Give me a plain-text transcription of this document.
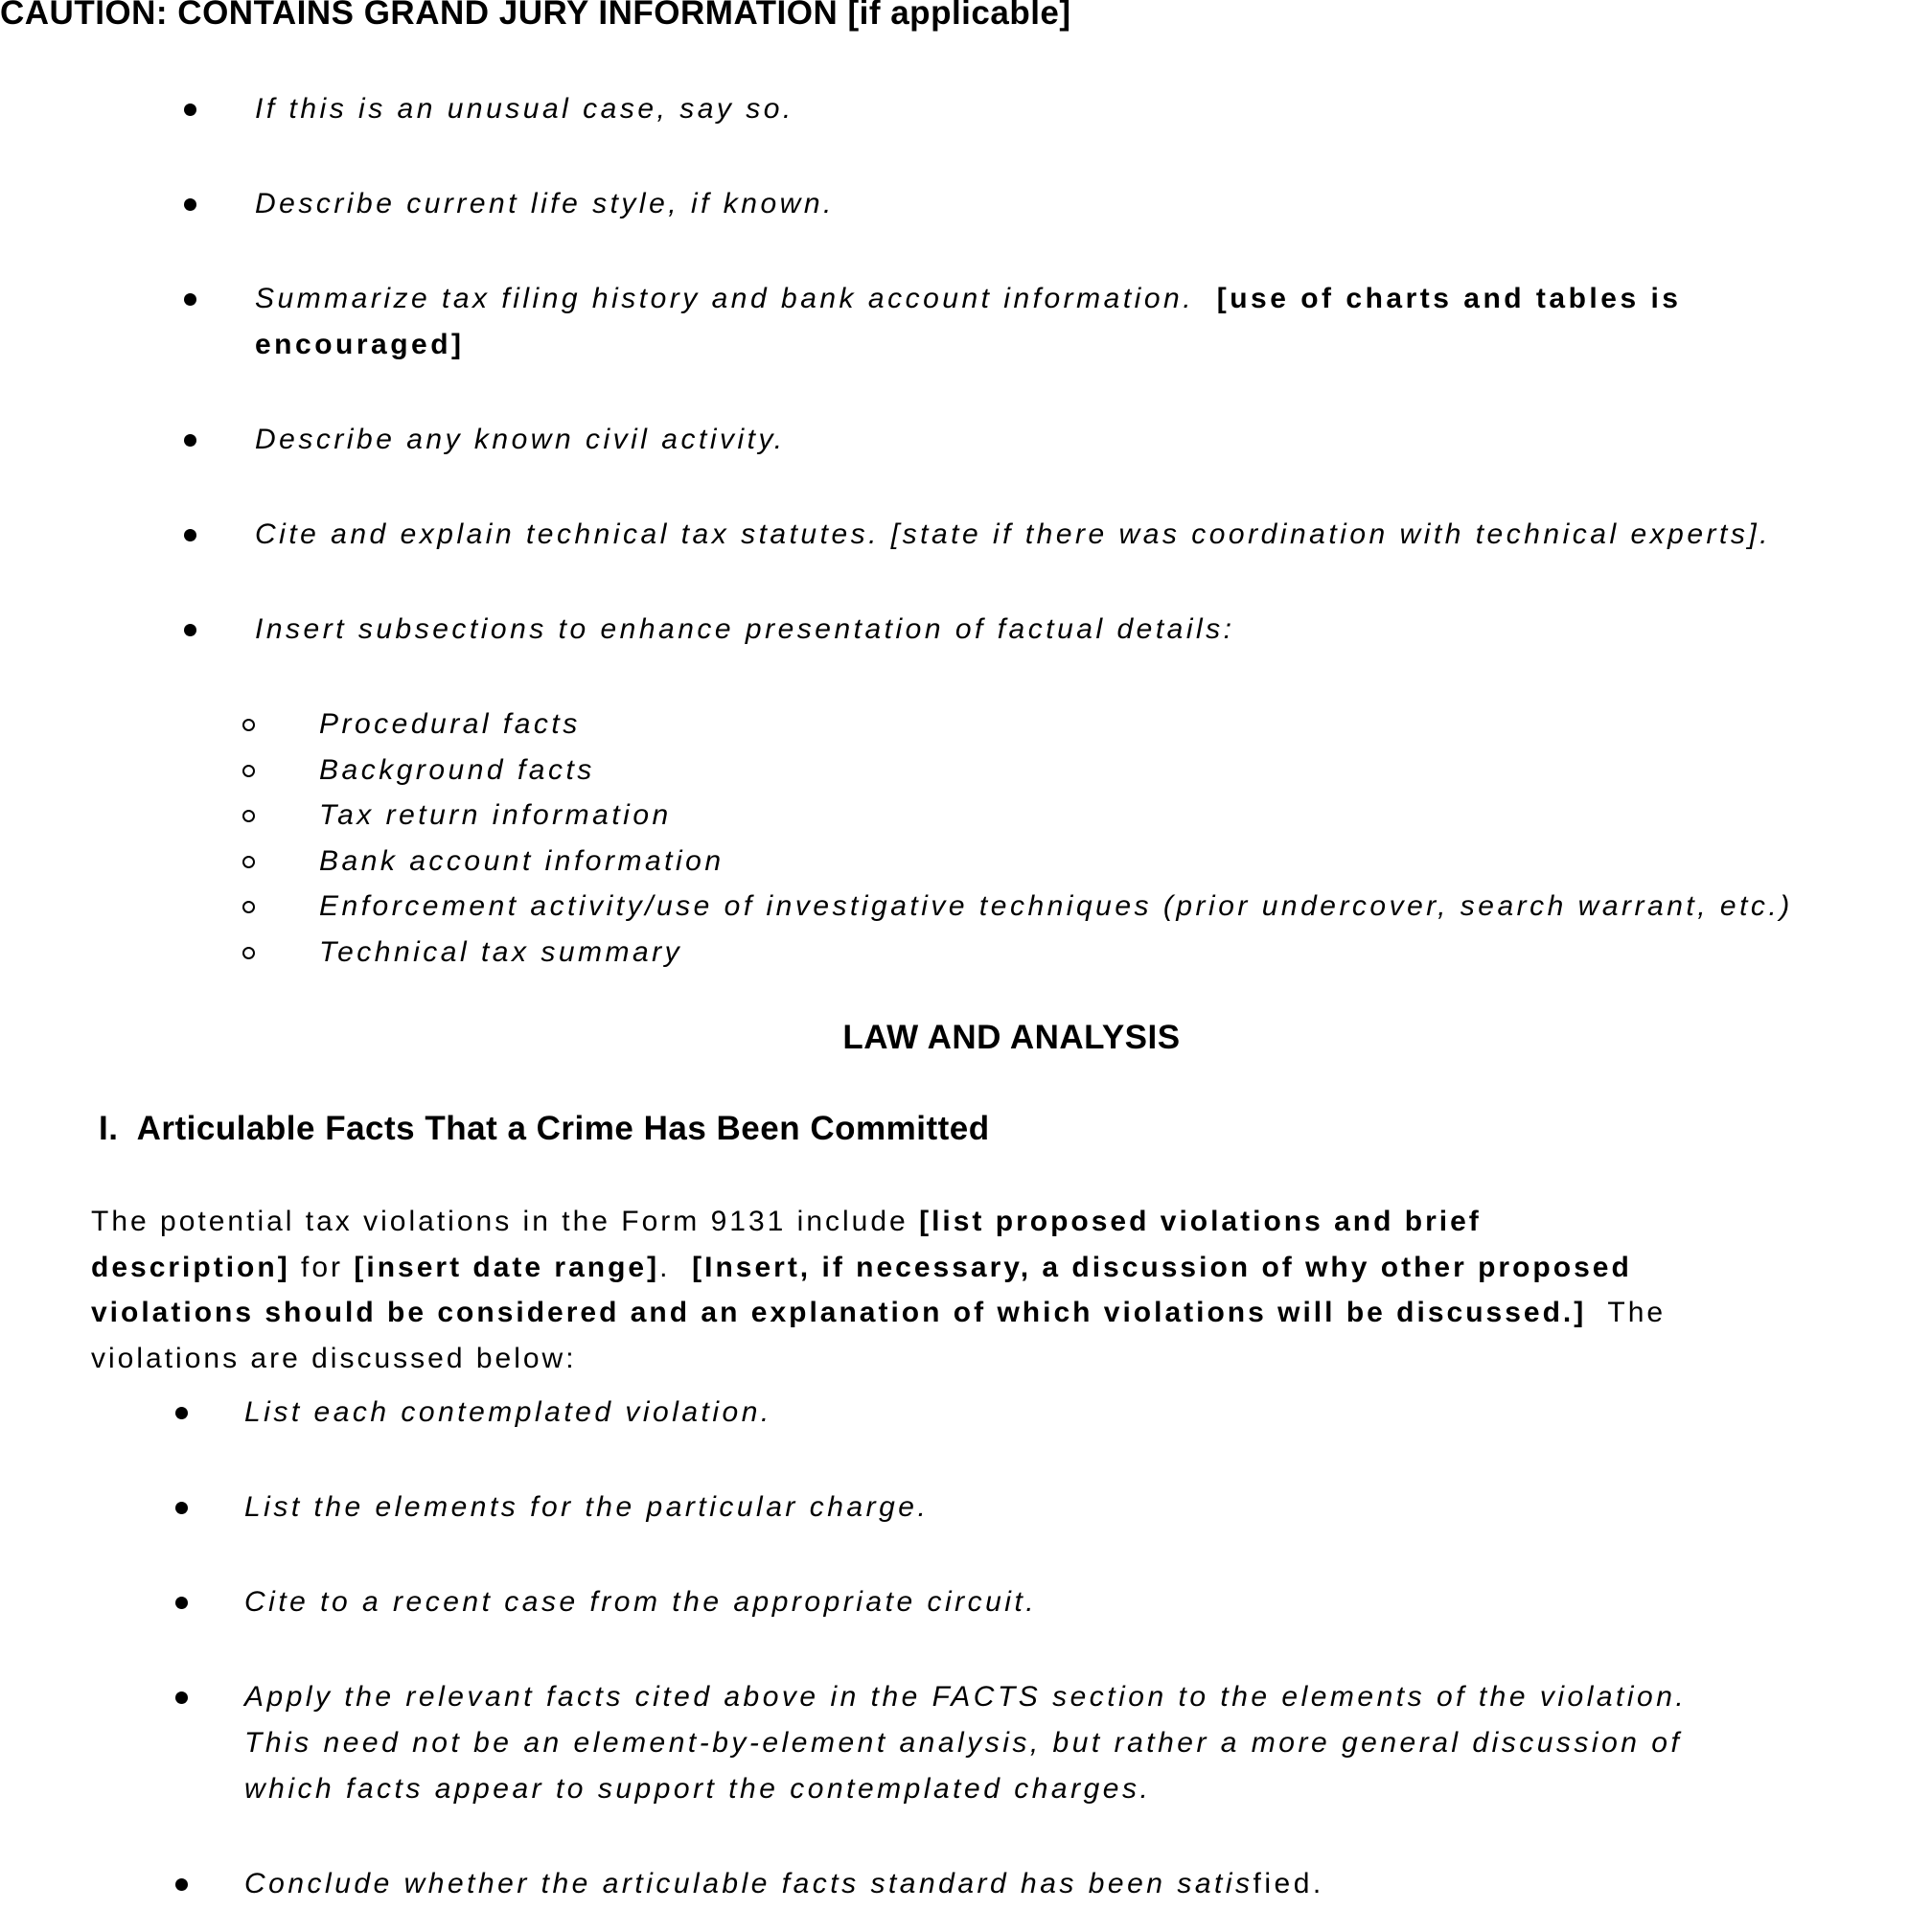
CAUTION: CONTAINS GRAND JURY INFORMATION [if applicable]
If this is an unusual case, say so.
Describe current life style, if known.
Summarize tax filing history and bank account information.  [use of charts and tables is
encouraged]
Describe any known civil activity.
Cite and explain technical tax statutes. [state if there was coordination with technical experts].
Insert subsections to enhance presentation of factual details:
Procedural facts
Background facts
Tax return information
Bank account information
Enforcement activity/use of investigative techniques (prior undercover, search warrant, etc.)
Technical tax summary
LAW AND ANALYSIS
I.  Articulable Facts That a Crime Has Been Committed
The potential tax violations in the Form 9131 include [list proposed violations and brief
description] for [insert date range].  [Insert, if necessary, a discussion of why other proposed
violations should be considered and an explanation of which violations will be discussed.]  The
violations are discussed below:
List each contemplated violation.
List the elements for the particular charge.
Cite to a recent case from the appropriate circuit.
Apply the relevant facts cited above in the FACTS section to the elements of the violation.
This need not be an element-by-element analysis, but rather a more general discussion of
which facts appear to support the contemplated charges.
Conclude whether the articulable facts standard has been satisfied.
